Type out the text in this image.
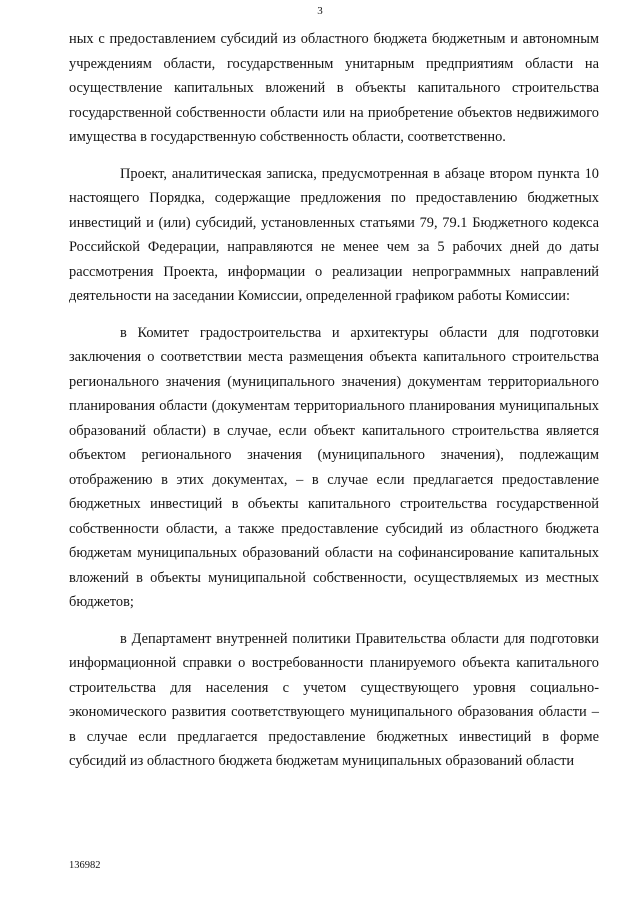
3

ных с предоставлением субсидий из областного бюджета бюджетным и автономным учреждениям области, государственным унитарным предприятиям области на осуществление капитальных вложений в объекты капитального строительства государственной собственности области или на приобретение объектов недвижимого имущества в государственную собственность области, соответственно.

Проект, аналитическая записка, предусмотренная в абзаце втором пункта 10 настоящего Порядка, содержащие предложения по предоставлению бюджетных инвестиций и (или) субсидий, установленных статьями 79, 79.1 Бюджетного кодекса Российской Федерации, направляются не менее чем за 5 рабочих дней до даты рассмотрения Проекта, информации о реализации непрограммных направлений деятельности на заседании Комиссии, определенной графиком работы Комиссии:

в Комитет градостроительства и архитектуры области для подготовки заключения о соответствии места размещения объекта капитального строительства регионального значения (муниципального значения) документам территориального планирования области (документам территориального планирования муниципальных образований области) в случае, если объект капитального строительства является объектом регионального значения (муниципального значения), подлежащим отображению в этих документах, – в случае если предлагается предоставление бюджетных инвестиций в объекты капитального строительства государственной собственности области, а также предоставление субсидий из областного бюджета бюджетам муниципальных образований области на софинансирование капитальных вложений в объекты муниципальной собственности, осуществляемых из местных бюджетов;

в Департамент внутренней политики Правительства области для подготовки информационной справки о востребованности планируемого объекта капитального строительства для населения с учетом существующего уровня социально-экономического развития соответствующего муниципального образования области – в случае если предлагается предоставление бюджетных инвестиций в форме субсидий из областного бюджета бюджетам муниципальных образований области

136982
